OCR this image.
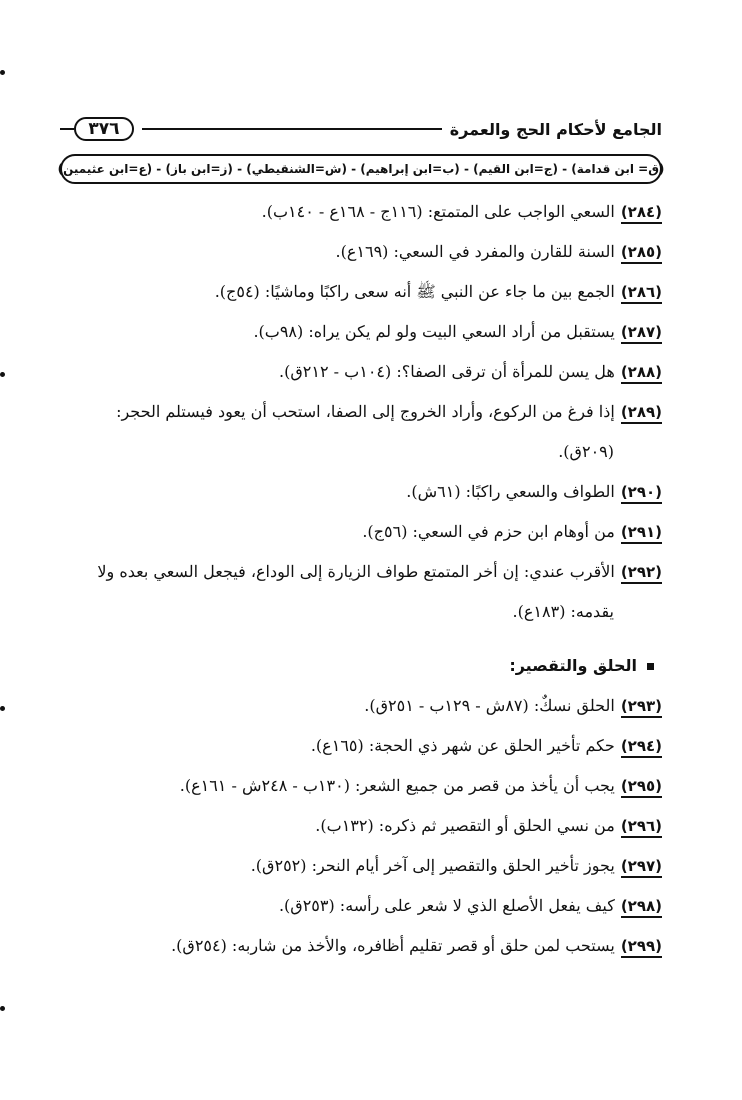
٣٧٦	الجامع لأحكام الحج والعمرة
(ق= ابن قدامة) - (ج=ابن القيم) - (ب=ابن إبراهيم) - (ش=الشنقيطي) - (ز=ابن باز) - (ع=ابن عثيمين)
(٢٨٤)السعي الواجب على المتمتع: (١١٦ج - ١٦٨ع - ١٤٠ب).
(٢٨٥)السنة للقارن والمفرد في السعي: (١٦٩ع).
(٢٨٦)الجمع بين ما جاء عن النبي ﷺ أنه سعى راكبًا وماشيًا: (٥٤ج).
(٢٨٧)يستقبل من أراد السعي البيت ولو لم يكن يراه: (٩٨ب).
(٢٨٨)هل يسن للمرأة أن ترقى الصفا؟: (١٠٤ب - ٢١٢ق).
(٢٨٩)إذا فرغ من الركوع، وأراد الخروج إلى الصفا، استحب أن يعود فيستلم الحجر:
(٢٠٩ق).
(٢٩٠)الطواف والسعي راكبًا: (٦١ش).
(٢٩١)من أوهام ابن حزم في السعي: (٥٦ج).
(٢٩٢)الأقرب عندي: إن أخر المتمتع طواف الزيارة إلى الوداع، فيجعل السعي بعده ولا
يقدمه: (١٨٣ع).
الحلق والتقصير:
(٢٩٣)الحلق نسكٌ: (٨٧ش - ١٢٩ب - ٢٥١ق).
(٢٩٤)حكم تأخير الحلق عن شهر ذي الحجة: (١٦٥ع).
(٢٩٥)يجب أن يأخذ من قصر من جميع الشعر: (١٣٠ب - ٢٤٨ش - ١٦١ع).
(٢٩٦)من نسي الحلق أو التقصير ثم ذكره: (١٣٢ب).
(٢٩٧)يجوز تأخير الحلق والتقصير إلى آخر أيام النحر: (٢٥٢ق).
(٢٩٨)كيف يفعل الأصلع الذي لا شعر على رأسه: (٢٥٣ق).
(٢٩٩)يستحب لمن حلق أو قصر تقليم أظافره، والأخذ من شاربه: (٢٥٤ق).
